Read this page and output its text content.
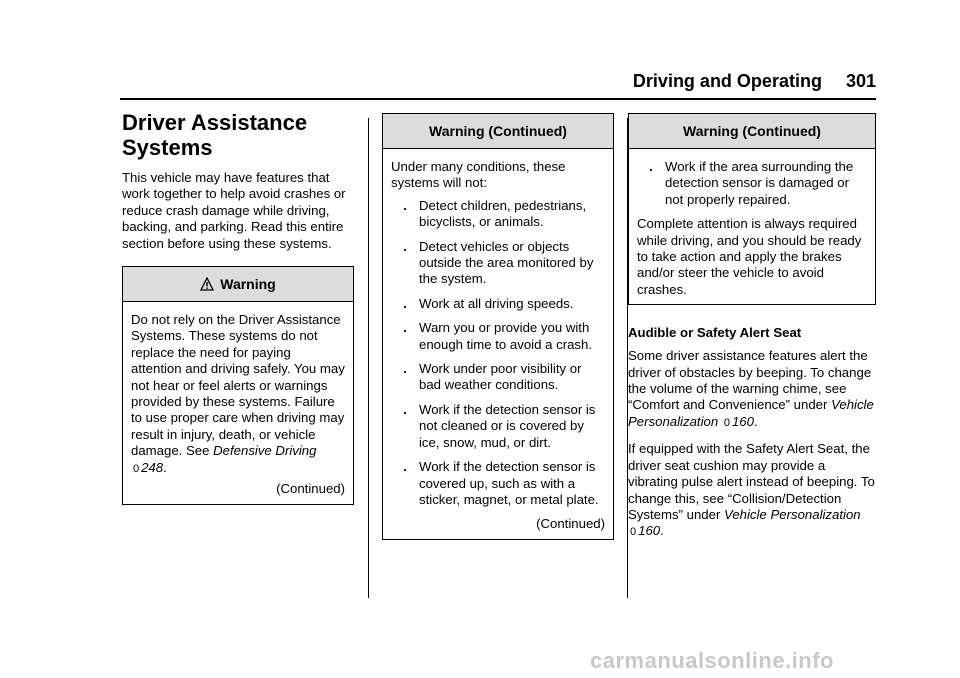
Driving and Operating 301
Driver Assistance
Systems
This vehicle may have features that work together to help avoid crashes or reduce crash damage while driving, backing, and parking. Read this entire section before using these systems.
Warning
Do not rely on the Driver Assistance Systems. These systems do not replace the need for paying attention and driving safely. You may not hear or feel alerts or warnings provided by these systems. Failure to use proper care when driving may result in injury, death, or vehicle damage. See Defensive Driving 0 248.
(Continued)
Warning (Continued)
Under many conditions, these systems will not:
. Detect children, pedestrians, bicyclists, or animals.
. Detect vehicles or objects outside the area monitored by the system.
. Work at all driving speeds.
. Warn you or provide you with enough time to avoid a crash.
. Work under poor visibility or bad weather conditions.
. Work if the detection sensor is not cleaned or is covered by ice, snow, mud, or dirt.
. Work if the detection sensor is covered up, such as with a sticker, magnet, or metal plate.
(Continued)
Warning (Continued)
. Work if the area surrounding the detection sensor is damaged or not properly repaired.
Complete attention is always required while driving, and you should be ready to take action and apply the brakes and/or steer the vehicle to avoid crashes.
Audible or Safety Alert Seat
Some driver assistance features alert the driver of obstacles by beeping. To change the volume of the warning chime, see “Comfort and Convenience” under Vehicle Personalization 0 160.
If equipped with the Safety Alert Seat, the driver seat cushion may provide a vibrating pulse alert instead of beeping. To change this, see “Collision/Detection Systems” under Vehicle Personalization 0 160.
carmanualsonline.info
